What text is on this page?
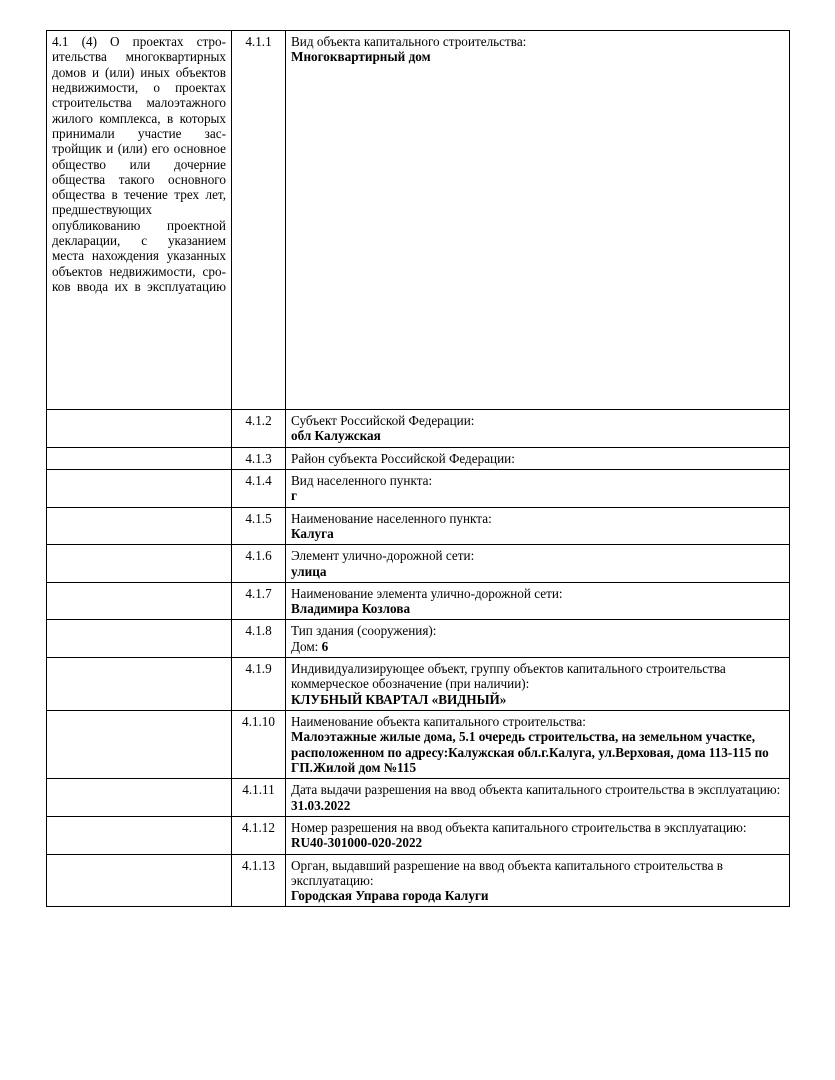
4.1 (4) О проектах строительства многоквартирных домов и (или) иных объектов недвижимости, о проектах строительства малоэтажного жилого комплекса, в которых принимали участие застройщик и (или) его основное общество или дочерние общества такого основного общества в течение трех лет, предшествующих опубликованию проектной декларации, с указанием места нахождения указанных объектов недвижимости, сроков ввода их в эксплуатацию	4.1.1	Вид объекта капитального строительства:
Многоквартирный дом

	4.1.2	Субъект Российской Федерации:
обл Калужская

	4.1.3	Район субъекта Российской Федерации:

	4.1.4	Вид населенного пункта:
г

	4.1.5	Наименование населенного пункта:
Калуга

	4.1.6	Элемент улично-дорожной сети:
улица

	4.1.7	Наименование элемента улично-дорожной сети:
Владимира Козлова

	4.1.8	Тип здания (сооружения):
Дом: 6

	4.1.9	Индивидуализирующее объект, группу объектов капитального строительства коммерческое обозначение (при наличии):
КЛУБНЫЙ КВАРТАЛ «ВИДНЫЙ»

	4.1.10	Наименование объекта капитального строительства:
Малоэтажные жилые дома, 5.1 очередь строительства, на земельном участке, расположенном по адресу:Калужская обл.г.Калуга, ул.Верховая, дома 113-115 по ГП.Жилой дом №115

	4.1.11	Дата выдачи разрешения на ввод объекта капитального строительства в эксплуатацию:
31.03.2022

	4.1.12	Номер разрешения на ввод объекта капитального строительства в эксплуатацию:
RU40-301000-020-2022

	4.1.13	Орган, выдавший разрешение на ввод объекта капитального строительства в эксплуатацию:
Городская Управа города Калуги
